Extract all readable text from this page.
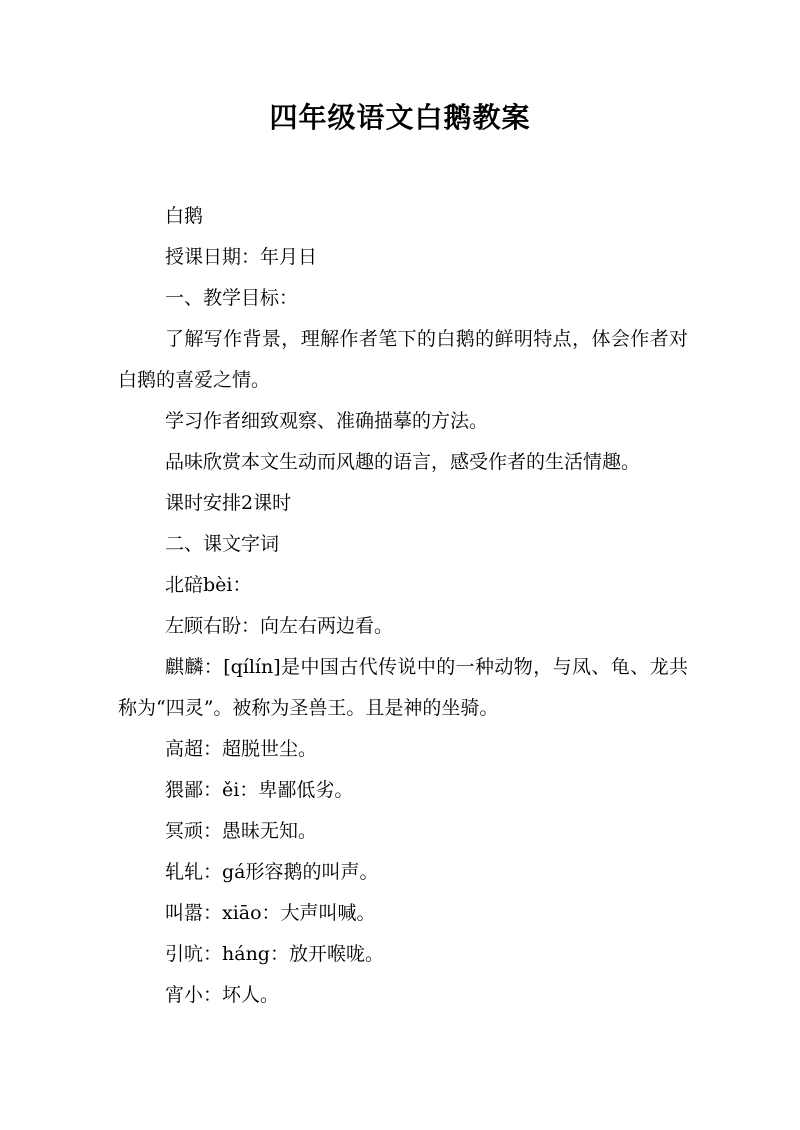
四年级语文白鹅教案

白鹅

授课日期：年月日

一、教学目标：

了解写作背景，理解作者笔下的白鹅的鲜明特点，体会作者对白鹅的喜爱之情。

学习作者细致观察、准确描摹的方法。

品味欣赏本文生动而风趣的语言，感受作者的生活情趣。

课时安排2课时

二、课文字词

北碚bèi：

左顾右盼：向左右两边看。

麒麟：[qílín]是中国古代传说中的一种动物，与凤、龟、龙共称为“四灵”。被称为圣兽王。且是神的坐骑。

高超：超脱世尘。

猥鄙：ěi：卑鄙低劣。

冥顽：愚昧无知。

轧轧：gá形容鹅的叫声。

叫嚣：xiāo：大声叫喊。

引吭：háng：放开喉咙。

宵小：坏人。
